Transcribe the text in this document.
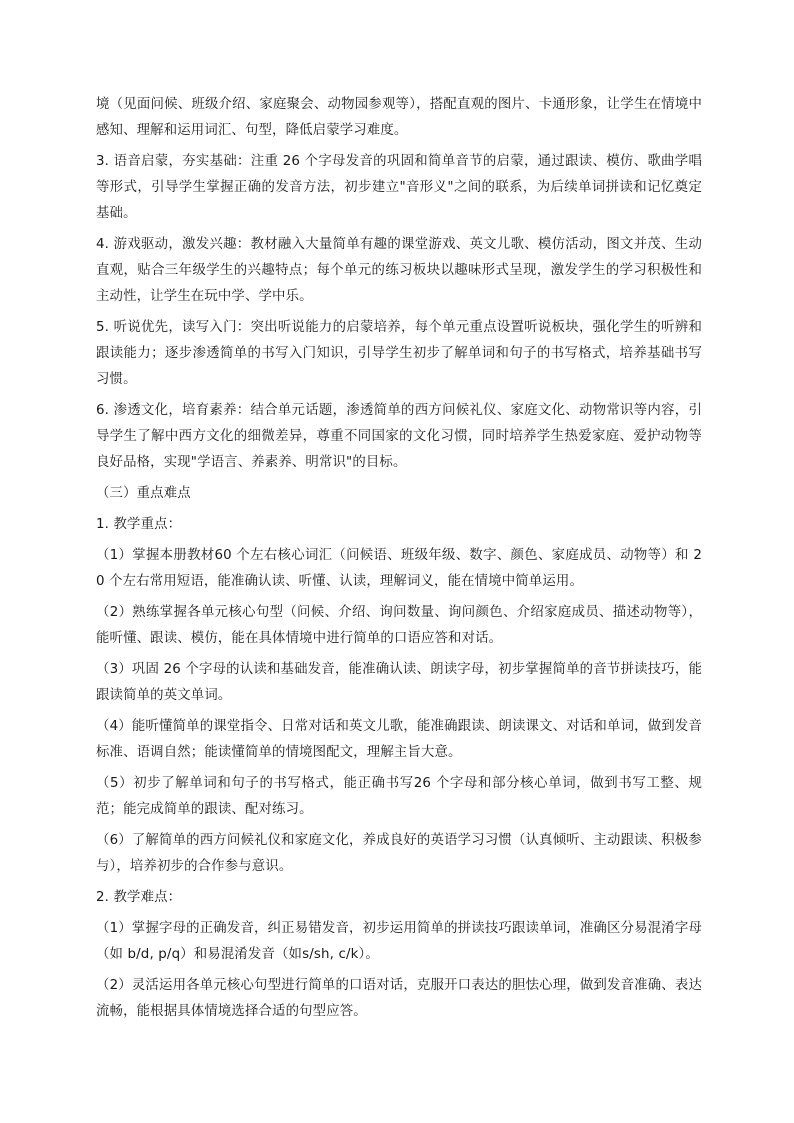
境（见面问候、班级介绍、家庭聚会、动物园参观等），搭配直观的图片、卡通形象，让学生在情境中感知、理解和运用词汇、句型，降低启蒙学习难度。

3. 语音启蒙，夯实基础：注重 26 个字母发音的巩固和简单音节的启蒙，通过跟读、模仿、歌曲学唱等形式，引导学生掌握正确的发音方法，初步建立"音形义"之间的联系，为后续单词拼读和记忆奠定基础。

4. 游戏驱动，激发兴趣：教材融入大量简单有趣的课堂游戏、英文儿歌、模仿活动，图文并茂、生动直观，贴合三年级学生的兴趣特点；每个单元的练习板块以趣味形式呈现，激发学生的学习积极性和主动性，让学生在玩中学、学中乐。

5. 听说优先，读写入门：突出听说能力的启蒙培养，每个单元重点设置听说板块，强化学生的听辨和跟读能力；逐步渗透简单的书写入门知识，引导学生初步了解单词和句子的书写格式，培养基础书写习惯。

6. 渗透文化，培育素养：结合单元话题，渗透简单的西方问候礼仪、家庭文化、动物常识等内容，引导学生了解中西方文化的细微差异，尊重不同国家的文化习惯，同时培养学生热爱家庭、爱护动物等良好品格，实现"学语言、养素养、明常识"的目标。

（三）重点难点

1. 教学重点：

（1）掌握本册教材60 个左右核心词汇（问候语、班级年级、数字、颜色、家庭成员、动物等）和 20 个左右常用短语，能准确认读、听懂、认读，理解词义，能在情境中简单运用。

（2）熟练掌握各单元核心句型（问候、介绍、询问数量、询问颜色、介绍家庭成员、描述动物等），能听懂、跟读、模仿，能在具体情境中进行简单的口语应答和对话。

（3）巩固 26 个字母的认读和基础发音，能准确认读、朗读字母，初步掌握简单的音节拼读技巧，能跟读简单的英文单词。

（4）能听懂简单的课堂指令、日常对话和英文儿歌，能准确跟读、朗读课文、对话和单词，做到发音标准、语调自然；能读懂简单的情境图配文，理解主旨大意。

（5）初步了解单词和句子的书写格式，能正确书写26 个字母和部分核心单词，做到书写工整、规范；能完成简单的跟读、配对练习。

（6）了解简单的西方问候礼仪和家庭文化，养成良好的英语学习习惯（认真倾听、主动跟读、积极参与），培养初步的合作参与意识。

2. 教学难点：

（1）掌握字母的正确发音，纠正易错发音，初步运用简单的拼读技巧跟读单词，准确区分易混淆字母（如 b/d, p/q）和易混淆发音（如s/sh, c/k）。

（2）灵活运用各单元核心句型进行简单的口语对话，克服开口表达的胆怯心理，做到发音准确、表达流畅，能根据具体情境选择合适的句型应答。
